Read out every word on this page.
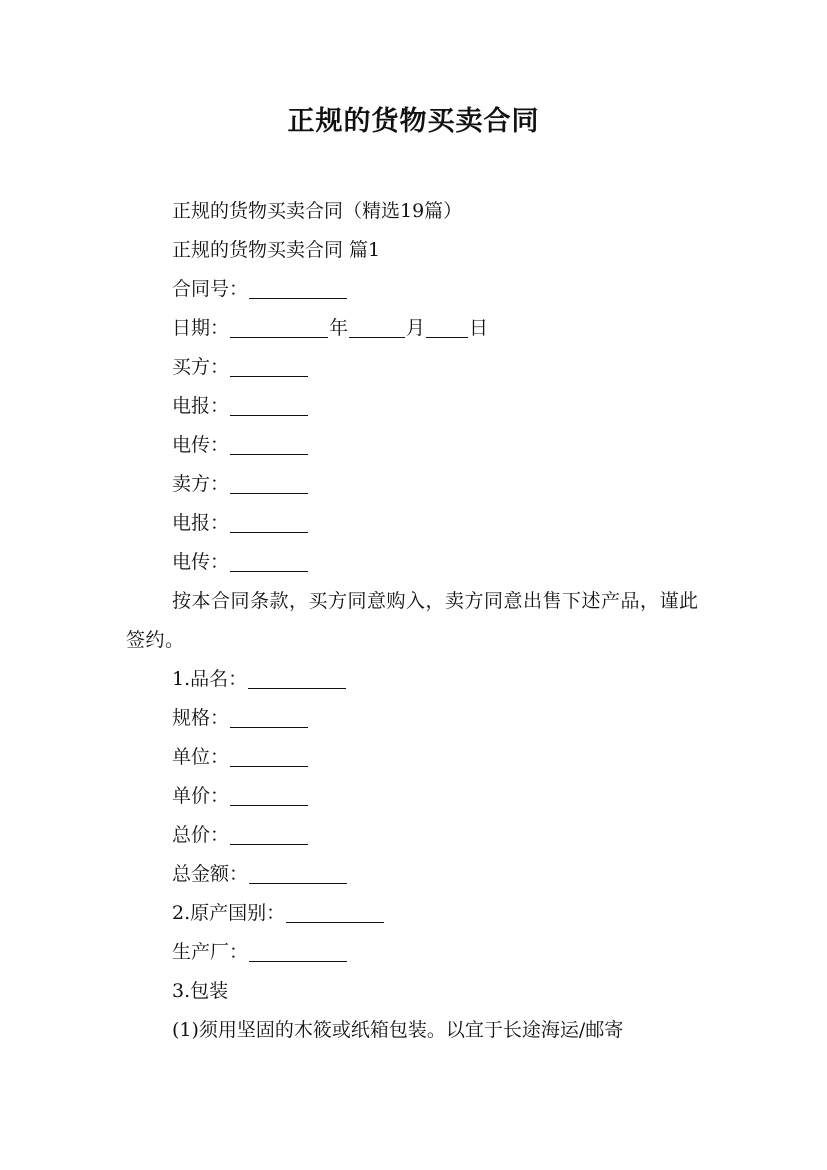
正规的货物买卖合同

正规的货物买卖合同（精选19篇）

正规的货物买卖合同 篇1

合同号：

日期：	年	月 日

买方：

电报：

电传：

卖方：

电报：

电传：

按本合同条款，买方同意购入，卖方同意出售下述产品，谨此签约。

1.品名：

规格：

单位：

单价：

总价：

总金额：

2.原产国别：

生产厂：

3.包装

(1)须用坚固的木筱或纸箱包装。以宜于长途海运/邮寄
